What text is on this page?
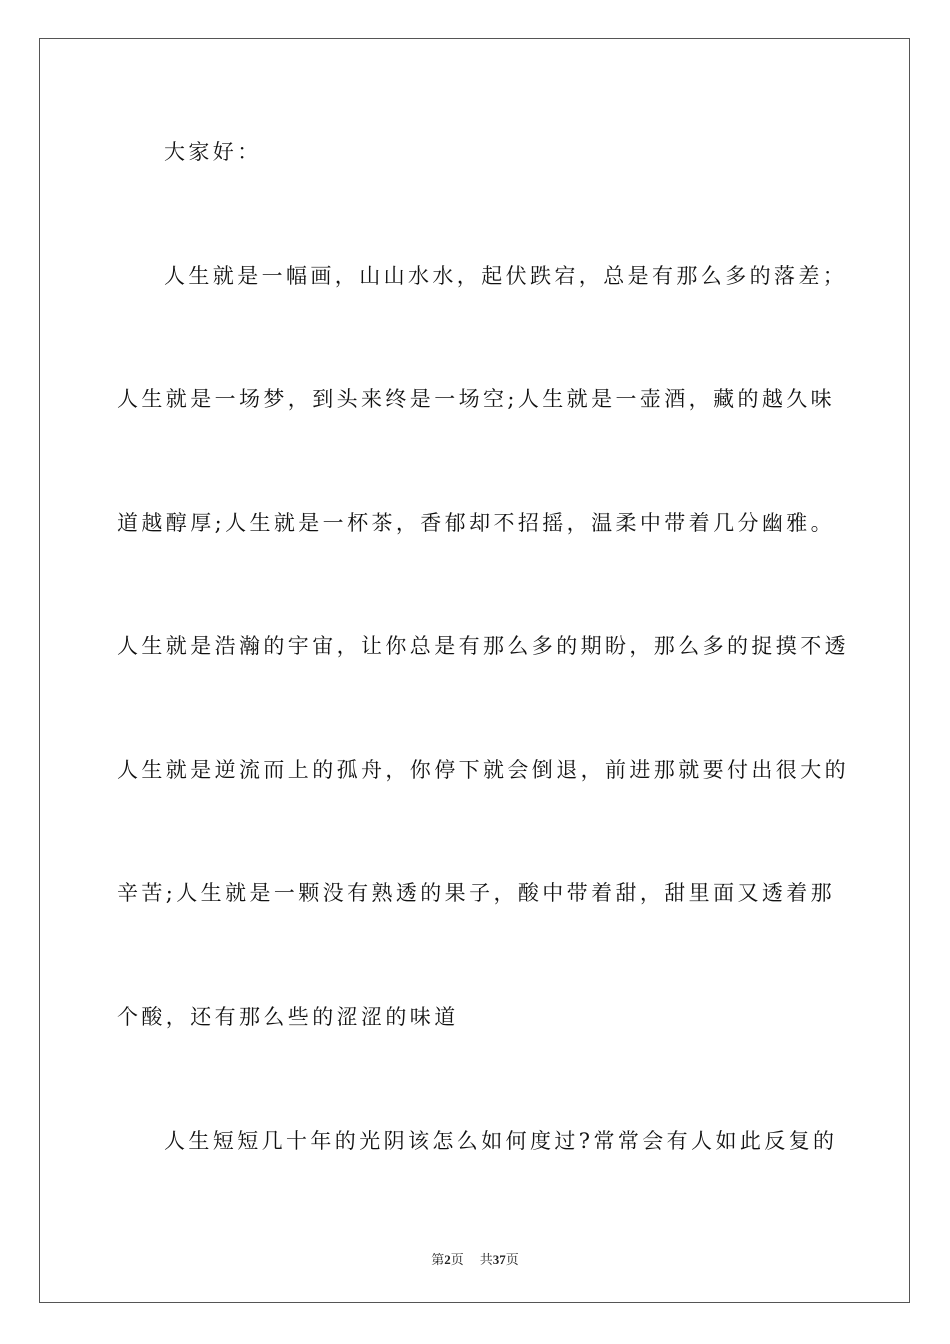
大家好：
人生就是一幅画，山山水水，起伏跌宕，总是有那么多的落差；
人生就是一场梦，到头来终是一场空;人生就是一壶酒，藏的越久味
道越醇厚;人生就是一杯茶，香郁却不招摇，温柔中带着几分幽雅。
人生就是浩瀚的宇宙，让你总是有那么多的期盼，那么多的捉摸不透
人生就是逆流而上的孤舟，你停下就会倒退，前进那就要付出很大的
辛苦;人生就是一颗没有熟透的果子，酸中带着甜，甜里面又透着那
个酸，还有那么些的涩涩的味道
人生短短几十年的光阴该怎么如何度过?常常会有人如此反复的
第2页 共37页
